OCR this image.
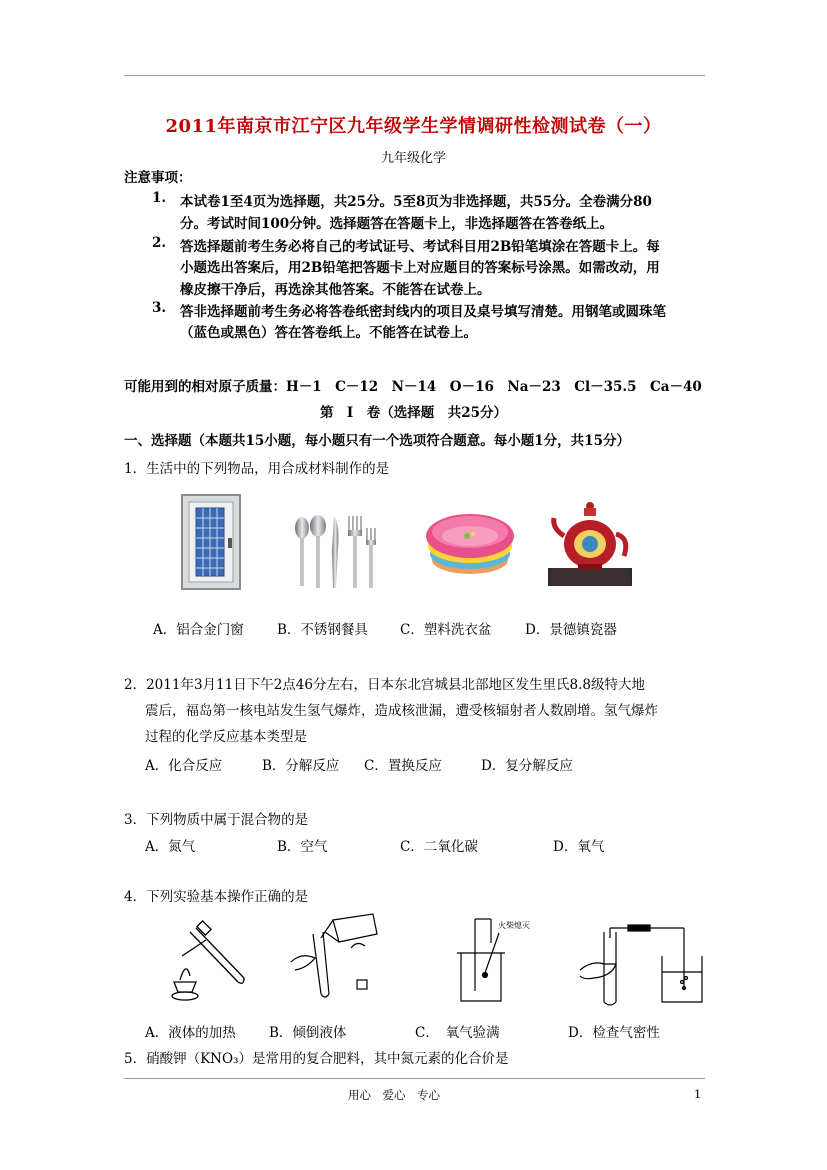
2011年南京市江宁区九年级学生学情调研性检测试卷（一）
九年级化学
注意事项：
1. 本试卷1至4页为选择题，共25分。5至8页为非选择题，共55分。全卷满分80
分。考试时间100分钟。选择题答在答题卡上，非选择题答在答卷纸上。
2. 答选择题前考生务必将自己的考试证号、考试科目用2B铅笔填涂在答题卡上。每
小题选出答案后，用2B铅笔把答题卡上对应题目的答案标号涂黑。如需改动，用
橡皮擦干净后，再选涂其他答案。不能答在试卷上。
3. 答非选择题前考生务必将答卷纸密封线内的项目及桌号填写清楚。用钢笔或圆珠笔
（蓝色或黑色）答在答卷纸上。不能答在试卷上。
可能用到的相对原子质量：H－1　C－12　N－14　O－16　Na－23　Cl－35.5　Ca－40
第　I　卷（选择题　共25分）
一、选择题（本题共15小题，每小题只有一个选项符合题意。每小题1分，共15分）
1．生活中的下列物品，用合成材料制作的是
A．铝合金门窗 B．不锈钢餐具 C．塑料洗衣盆 D．景德镇瓷器
2．2011年3月11日下午2点46分左右，日本东北宫城县北部地区发生里氏8.8级特大地
震后，福岛第一核电站发生氢气爆炸，造成核泄漏，遭受核辐射者人数剧增。氢气爆炸
过程的化学反应基本类型是
A．化合反应	B．分解反应 C．置换反应	D．复分解反应
3．下列物质中属于混合物的是
A．氮气	B．空气	C．二氧化碳	D．氧气
4．下列实验基本操作正确的是
火柴熄灭
A．液体的加热 B．倾倒液体	C．　氧气验满	D．检查气密性
5．硝酸钾（KNO₃）是常用的复合肥料，其中氮元素的化合价是
用心　爱心　专心	1
